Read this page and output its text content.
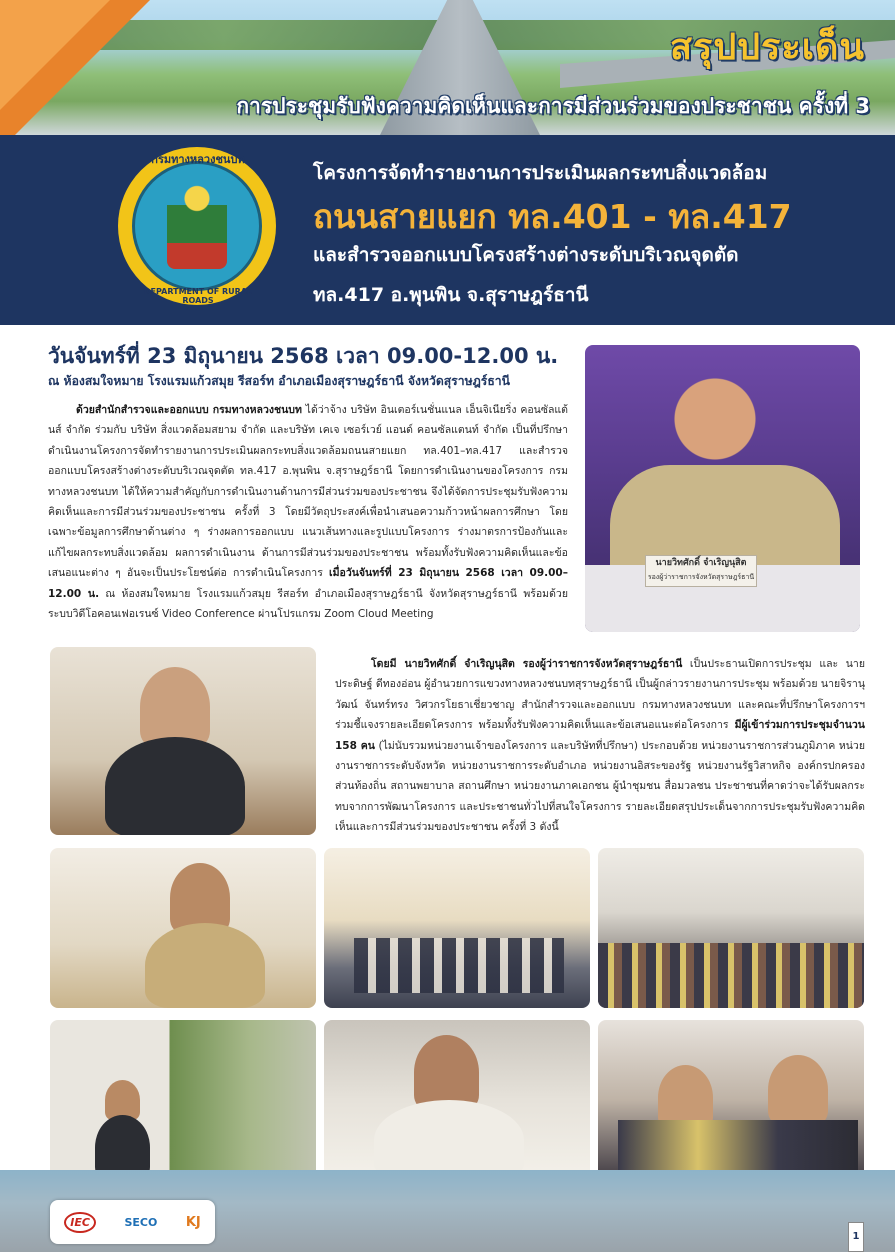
สรุปประเด็น
การประชุมรับฟังความคิดเห็นและการมีส่วนร่วมของประชาชน ครั้งที่ 3
กรมทางหลวงชนบท
DEPARTMENT OF RURAL ROADS
โครงการจัดทำรายงานการประเมินผลกระทบสิ่งแวดล้อม
ถนนสายแยก ทล.401 - ทล.417
และสำรวจออกแบบโครงสร้างต่างระดับบริเวณจุดตัด
ทล.417 อ.พุนพิน จ.สุราษฎร์ธานี
วันจันทร์ที่ 23 มิถุนายน 2568 เวลา 09.00-12.00 น.
ณ ห้องสมใจหมาย โรงแรมแก้วสมุย รีสอร์ท อำเภอเมืองสุราษฎร์ธานี จังหวัดสุราษฎร์ธานี
ด้วยสำนักสำรวจและออกแบบ กรมทางหลวงชนบท ได้ว่าจ้าง บริษัท อินเตอร์เนชั่นแนล เอ็นจิเนียริ่ง คอนซัลแต้นส์ จำกัด ร่วมกับ บริษัท สิ่งแวดล้อมสยาม จำกัด และบริษัท เคเจ เซอร์เวย์ แอนด์ คอนซัลแตนท์ จำกัด เป็นที่ปรึกษาดำเนินงานโครงการจัดทำรายงานการประเมินผลกระทบสิ่งแวดล้อมถนนสายแยก ทล.401–ทล.417 และสำรวจออกแบบโครงสร้างต่างระดับบริเวณจุดตัด ทล.417 อ.พุนพิน จ.สุราษฎร์ธานี โดยการดำเนินงานของโครงการ กรมทางหลวงชนบท ได้ให้ความสำคัญกับการดำเนินงานด้านการมีส่วนร่วมของประชาชน จึงได้จัดการประชุมรับฟังความคิดเห็นและการมีส่วนร่วมของประชาชน ครั้งที่ 3 โดยมีวัตถุประสงค์เพื่อนำเสนอความก้าวหน้าผลการศึกษา โดยเฉพาะข้อมูลการศึกษาด้านต่าง ๆ ร่างผลการออกแบบ แนวเส้นทางและรูปแบบโครงการ ร่างมาตรการป้องกันและแก้ไขผลกระทบสิ่งแวดล้อม ผลการดำเนินงาน ด้านการมีส่วนร่วมของประชาชน พร้อมทั้งรับฟังความคิดเห็นและข้อเสนอแนะต่าง ๆ อันจะเป็นประโยชน์ต่อ การดำเนินโครงการ เมื่อวันจันทร์ที่ 23 มิถุนายน 2568 เวลา 09.00–12.00 น. ณ ห้องสมใจหมาย โรงแรมแก้วสมุย รีสอร์ท อำเภอเมืองสุราษฎร์ธานี จังหวัดสุราษฎร์ธานี พร้อมด้วยระบบวิดีโอคอนเฟอเรนซ์ Video Conference ผ่านโปรแกรม Zoom Cloud Meeting
นายวิทศักดิ์ จำเริญนุสิต
รองผู้ว่าราชการจังหวัดสุราษฎร์ธานี
โดยมี นายวิทศักดิ์ จำเริญนุสิต รองผู้ว่าราชการจังหวัดสุราษฎร์ธานี เป็นประธานเปิดการประชุม และ นายประดิษฐ์ ดีทองอ่อน ผู้อำนวยการแขวงทางหลวงชนบทสุราษฎร์ธานี เป็นผู้กล่าวรายงานการประชุม พร้อมด้วย นายจิรานุวัฒน์ จันทร์ทรง วิศวกรโยธาเชี่ยวชาญ สำนักสำรวจและออกแบบ กรมทางหลวงชนบท และคณะที่ปรึกษาโครงการฯ ร่วมชี้แจงรายละเอียดโครงการ พร้อมทั้งรับฟังความคิดเห็นและข้อเสนอแนะต่อโครงการ มีผู้เข้าร่วมการประชุมจำนวน 158 คน (ไม่นับรวมหน่วยงานเจ้าของโครงการ และบริษัทที่ปรึกษา) ประกอบด้วย หน่วยงานราชการส่วนภูมิภาค หน่วยงานราชการระดับจังหวัด หน่วยงานราชการระดับอำเภอ หน่วยงานอิสระของรัฐ หน่วยงานรัฐวิสาหกิจ องค์กรปกครองส่วนท้องถิ่น สถานพยาบาล สถานศึกษา หน่วยงานภาคเอกชน ผู้นำชุมชน สื่อมวลชน ประชาชนที่คาดว่าจะได้รับผลกระทบจากการพัฒนาโครงการ และประชาชนทั่วไปที่สนใจโครงการ รายละเอียดสรุปประเด็นจากการประชุมรับฟังความคิดเห็นและการมีส่วนร่วมของประชาชน ครั้งที่ 3 ดังนี้
IEC	SECO KJ
1
